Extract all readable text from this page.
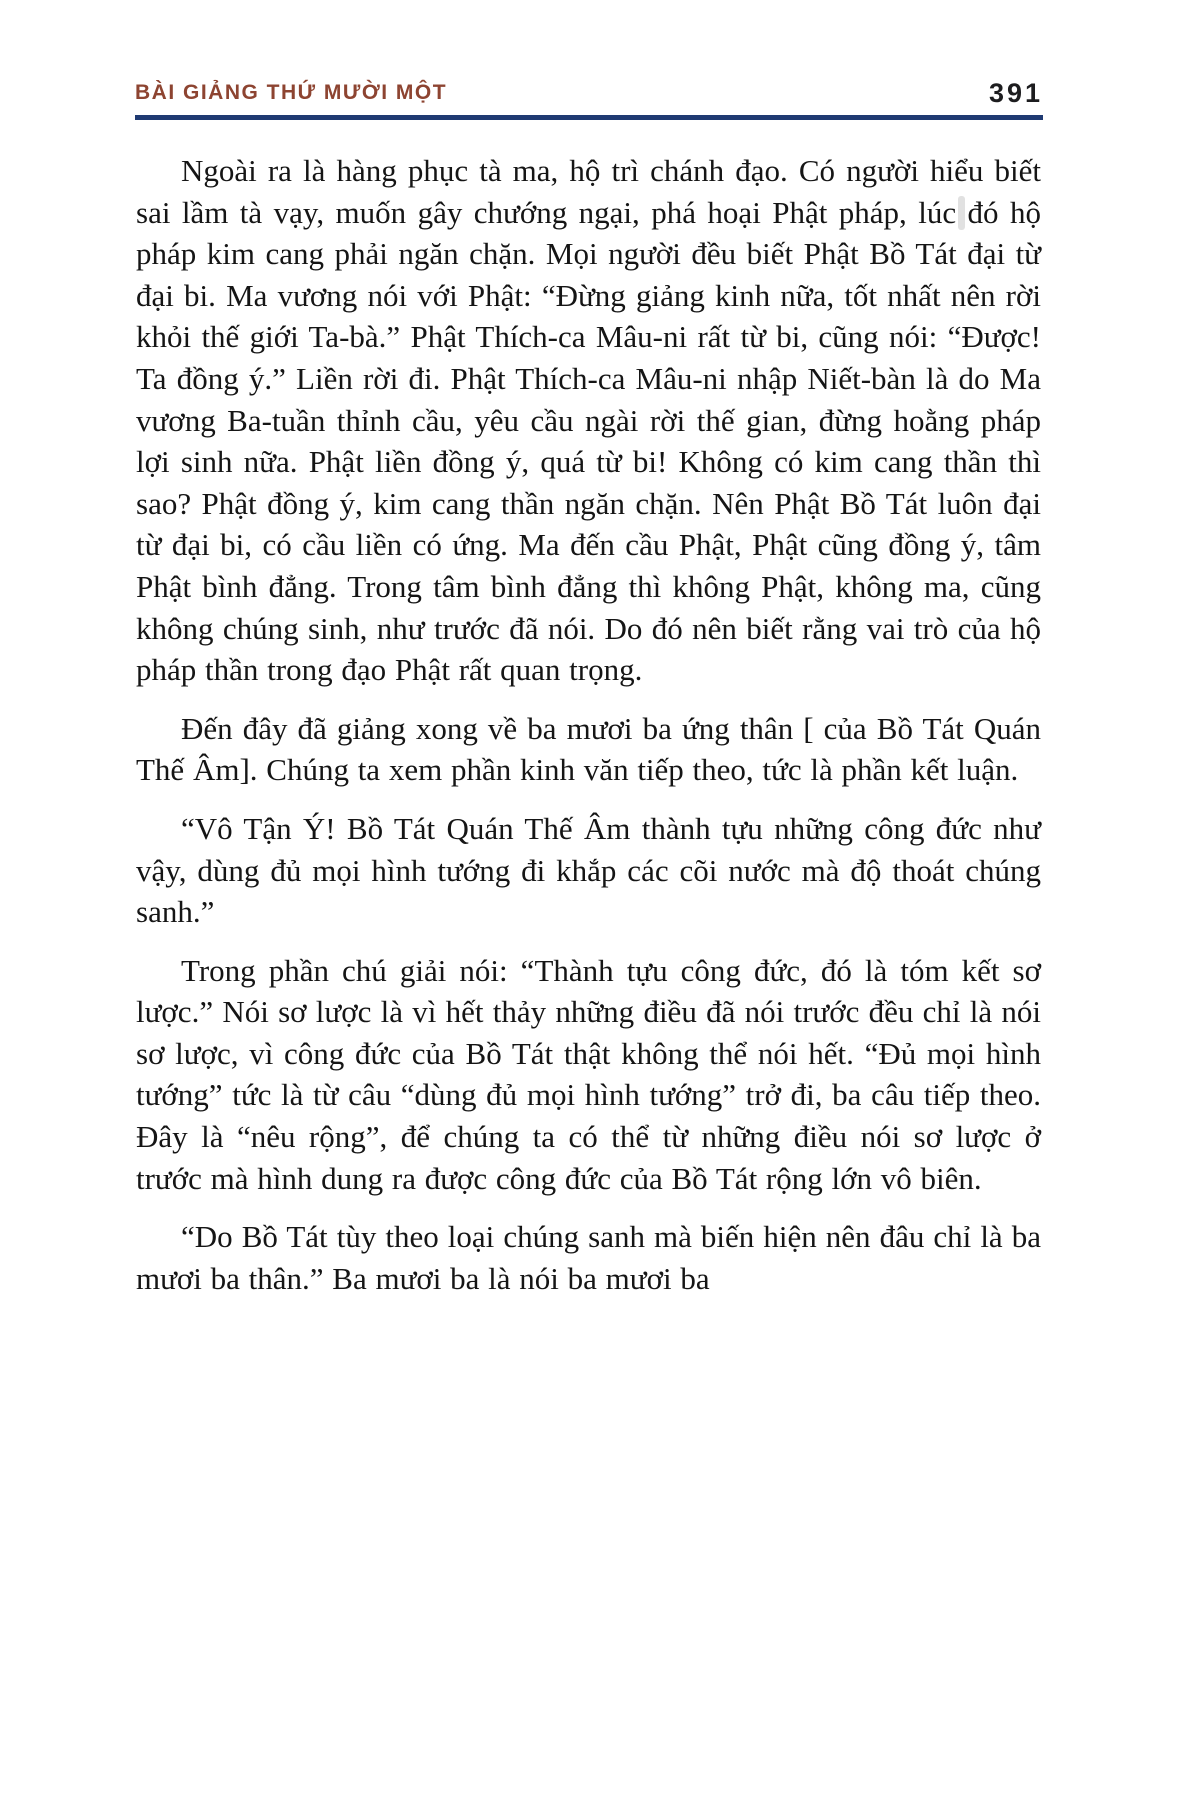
BÀI GIẢNG THỨ MƯỜI MỘT	391

Ngoài ra là hàng phục tà ma, hộ trì chánh đạo. Có người hiểu biết sai lầm tà vạy, muốn gây chướng ngại, phá hoại Phật pháp, lúc đó hộ pháp kim cang phải ngăn chặn. Mọi người đều biết Phật Bồ Tát đại từ đại bi. Ma vương nói với Phật: “Đừng giảng kinh nữa, tốt nhất nên rời khỏi thế giới Ta-bà.” Phật Thích-ca Mâu-ni rất từ bi, cũng nói: “Được! Ta đồng ý.” Liền rời đi. Phật Thích-ca Mâu-ni nhập Niết-bàn là do Ma vương Ba-tuần thỉnh cầu, yêu cầu ngài rời thế gian, đừng hoằng pháp lợi sinh nữa. Phật liền đồng ý, quá từ bi! Không có kim cang thần thì sao? Phật đồng ý, kim cang thần ngăn chặn. Nên Phật Bồ Tát luôn đại từ đại bi, có cầu liền có ứng. Ma đến cầu Phật, Phật cũng đồng ý, tâm Phật bình đẳng. Trong tâm bình đẳng thì không Phật, không ma, cũng không chúng sinh, như trước đã nói. Do đó nên biết rằng vai trò của hộ pháp thần trong đạo Phật rất quan trọng.

Đến đây đã giảng xong về ba mươi ba ứng thân [ của Bồ Tát Quán Thế Âm]. Chúng ta xem phần kinh văn tiếp theo, tức là phần kết luận.

“Vô Tận Ý! Bồ Tát Quán Thế Âm thành tựu những công đức như vậy, dùng đủ mọi hình tướng đi khắp các cõi nước mà độ thoát chúng sanh.”

Trong phần chú giải nói: “Thành tựu công đức, đó là tóm kết sơ lược.” Nói sơ lược là vì hết thảy những điều đã nói trước đều chỉ là nói sơ lược, vì công đức của Bồ Tát thật không thể nói hết. “Đủ mọi hình tướng” tức là từ câu “dùng đủ mọi hình tướng” trở đi, ba câu tiếp theo. Đây là “nêu rộng”, để chúng ta có thể từ những điều nói sơ lược ở trước mà hình dung ra được công đức của Bồ Tát rộng lớn vô biên.

“Do Bồ Tát tùy theo loại chúng sanh mà biến hiện nên đâu chỉ là ba mươi ba thân.” Ba mươi ba là nói ba mươi ba
